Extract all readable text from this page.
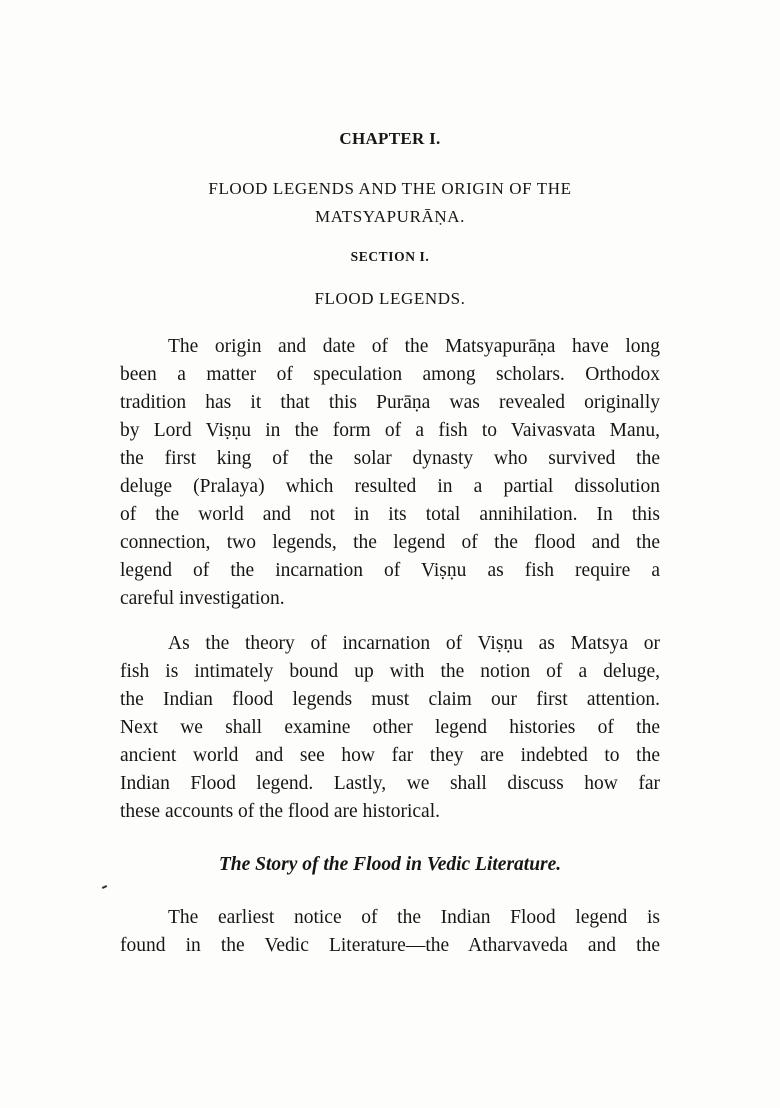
CHAPTER I.
FLOOD LEGENDS AND THE ORIGIN OF THE
MATSYAPURĀṆA.
SECTION I.
FLOOD LEGENDS.
The origin and date of the Matsyapurāṇa have long
been a matter of speculation among scholars. Orthodox
tradition has it that this Purāṇa was revealed originally
by Lord Viṣṇu in the form of a fish to Vaivasvata Manu,
the first king of the solar dynasty who survived the
deluge (Pralaya) which resulted in a partial dissolution
of the world and not in its total annihilation. In this
connection, two legends, the legend of the flood and the
legend of the incarnation of Viṣṇu as fish require a
careful investigation.
As the theory of incarnation of Viṣṇu as Matsya or
fish is intimately bound up with the notion of a deluge,
the Indian flood legends must claim our first attention.
Next we shall examine other legend histories of the
ancient world and see how far they are indebted to the
Indian Flood legend. Lastly, we shall discuss how far
these accounts of the flood are historical.
The Story of the Flood in Vedic Literature.
The earliest notice of the Indian Flood legend is
found in the Vedic Literature—the Atharvaveda and the
